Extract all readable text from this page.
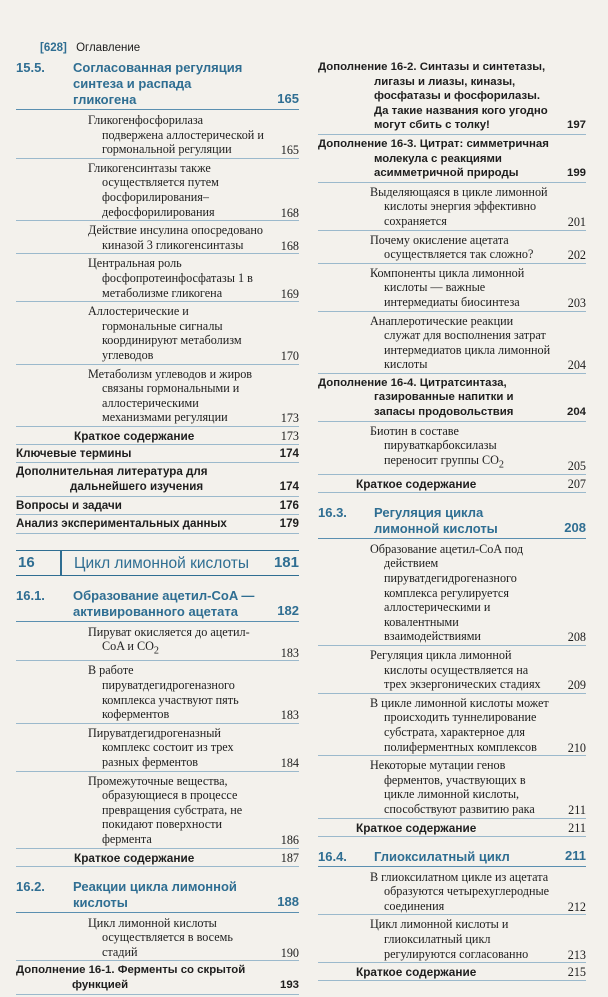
[628] Оглавление
15.5. Согласованная регуляция синтеза и распада гликогена	165
Гликогенфосфорилаза подвержена аллостерической и гормональной регуляции	165
Гликогенсинтазы также осуществляется путем фосфорилирования–дефосфорилирования	168
Действие инсулина опосредовано киназой 3 гликогенсинтазы	168
Центральная роль фосфопротеинфосфатазы 1 в метаболизме гликогена	169
Аллостерические и гормональные сигналы координируют метаболизм углеводов	170
Метаболизм углеводов и жиров связаны гормональными и аллостерическими механизмами регуляции	173
Краткое содержание	173
Ключевые термины	174
Дополнительная литература для дальнейшего изучения	174
Вопросы и задачи	176
Анализ экспериментальных данных	179
16	Цикл лимонной кислоты 181
16.1. Образование ацетил-CoA — активированного ацетата	182
Пируват окисляется до ацетил-CoA и $CO_2$	183
В работе пируватдегидрогеназного комплекса участвуют пять коферментов	183
Пируватдегидрогеназный комплекс состоит из трех разных ферментов	184
Промежуточные вещества, образующиеся в процессе превращения субстрата, не покидают поверхности фермента	186
Краткое содержание	187
16.2. Реакции цикла лимонной кислоты	188
Цикл лимонной кислоты осуществляется в восемь стадий	190
Дополнение 16-1. Ферменты со скрытой функцией	193
Дополнение 16-2. Синтазы и синтетазы, лигазы и лиазы, киназы, фосфатазы и фосфорилазы. Да такие названия кого угодно могут сбить с толку!	197
Дополнение 16-3. Цитрат: симметричная молекула с реакциями асимметричной природы	199
Выделяющаяся в цикле лимонной кислоты энергия эффективно сохраняется	201
Почему окисление ацетата осуществляется так сложно?	202
Компоненты цикла лимонной кислоты — важные интермедиаты биосинтеза	203
Анаплеротические реакции служат для восполнения затрат интермедиатов цикла лимонной кислоты	204
Дополнение 16-4. Цитратсинтаза, газированные напитки и запасы продовольствия	204
Биотин в составе пируваткарбоксилазы переносит группы $CO_2$	205
Краткое содержание	207
16.3. Регуляция цикла лимонной кислоты	208
Образование ацетил-CoA под действием пируватдегидрогеназного комплекса регулируется аллостерическими и ковалентными взаимодействиями	208
Регуляция цикла лимонной кислоты осуществляется на трех экзергонических стадиях	209
В цикле лимонной кислоты может происходить туннелирование субстрата, характерное для полиферментных комплексов	210
Некоторые мутации генов ферментов, участвующих в цикле лимонной кислоты, способствуют развитию рака	211
Краткое содержание	211
16.4. Глиоксилатный цикл	211
В глиоксилатном цикле из ацетата образуются четырехуглеродные соединения	212
Цикл лимонной кислоты и глиоксилатный цикл регулируются согласованно	213
Краткое содержание	215
